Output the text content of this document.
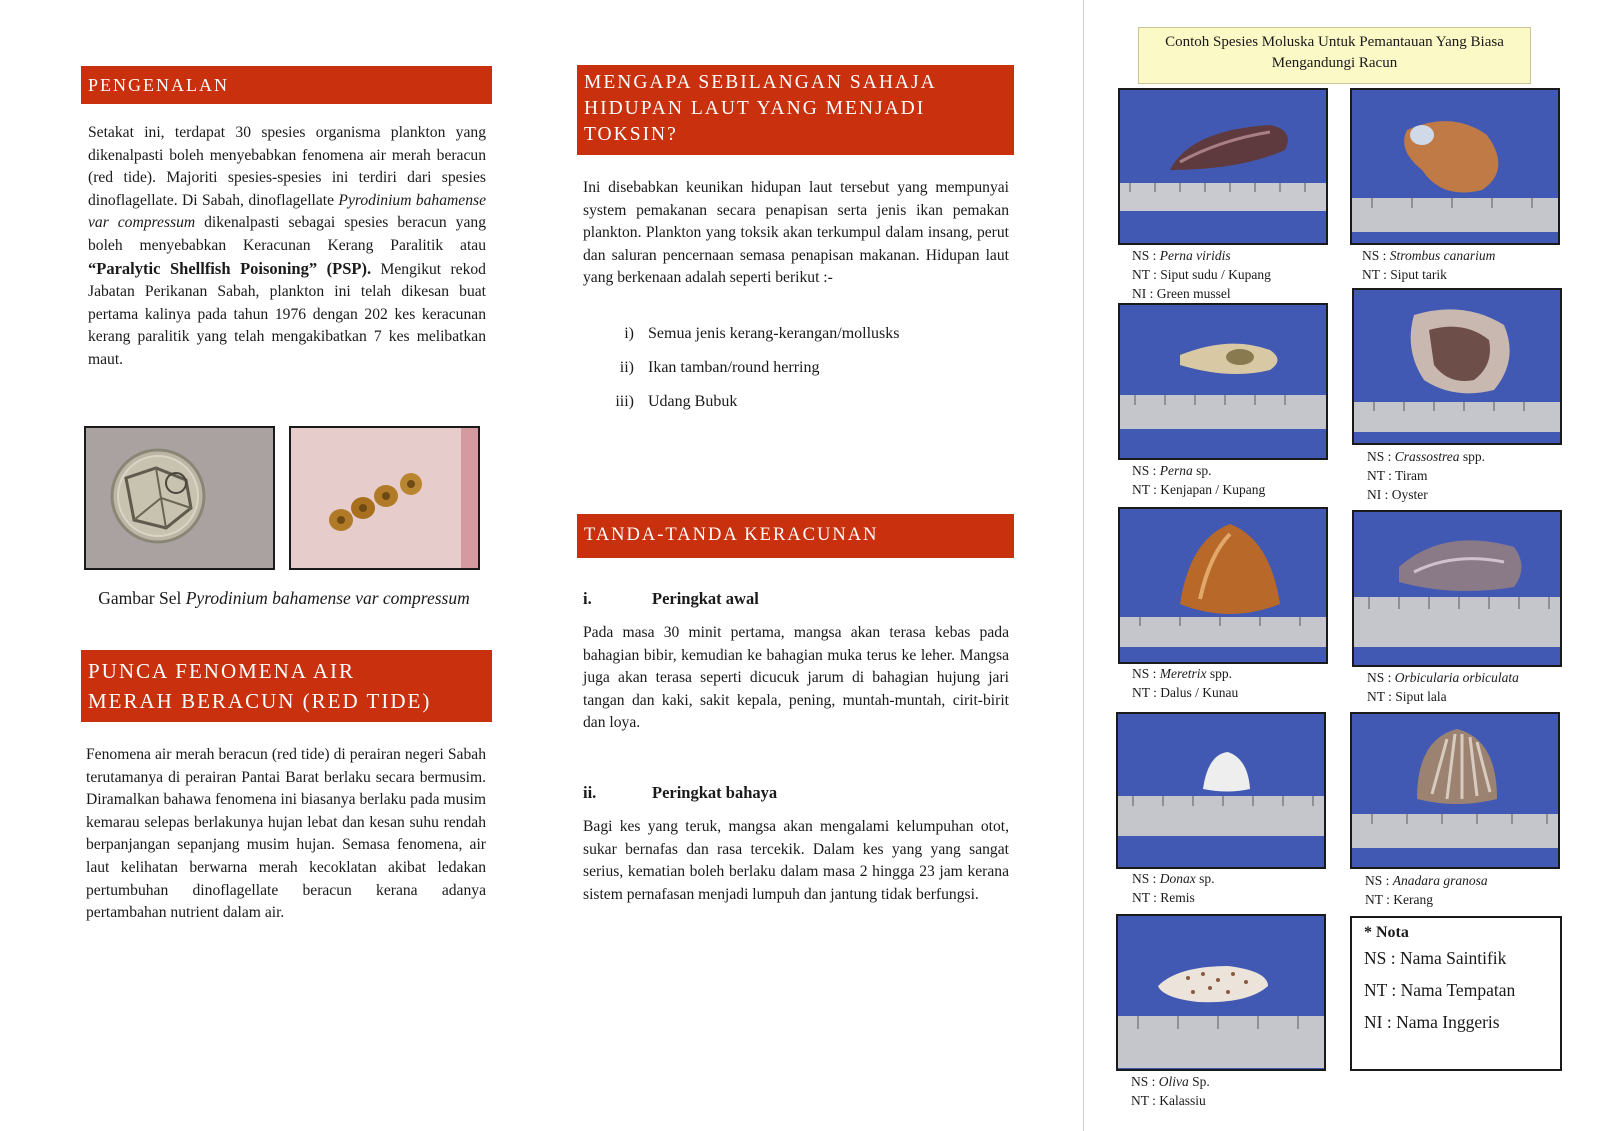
PENGENALAN
Setakat ini, terdapat 30 spesies organisma plankton yang dikenalpasti boleh menyebabkan fenomena air merah beracun (red tide). Majoriti spesies-spesies ini terdiri dari spesies dinoflagellate. Di Sabah, dinoflagellate Pyrodinium bahamense var compressum dikenalpasti sebagai spesies beracun yang boleh menyebabkan Keracunan Kerang Paralitik atau “Paralytic Shellfish Poisoning” (PSP). Mengikut rekod Jabatan Perikanan Sabah, plankton ini telah dikesan buat pertama kalinya pada tahun 1976 dengan 202 kes keracunan kerang paralitik yang telah mengakibatkan 7 kes melibatkan maut.
Gambar Sel Pyrodinium bahamense var compressum
PUNCA FENOMENA AIR
MERAH BERACUN (RED TIDE)
Fenomena air merah beracun (red tide) di perairan negeri Sabah terutamanya di perairan Pantai Barat berlaku secara bermusim. Diramalkan bahawa fenomena ini biasanya berlaku pada musim kemarau selepas berlakunya hujan lebat dan kesan suhu rendah berpanjangan sepanjang musim hujan. Semasa fenomena, air laut kelihatan berwarna merah kecoklatan akibat ledakan pertumbuhan dinoflagellate beracun kerana adanya pertambahan nutrient dalam air.
MENGAPA SEBILANGAN SAHAJA
HIDUPAN LAUT YANG MENJADI
TOKSIN?
Ini disebabkan keunikan hidupan laut tersebut yang mempunyai system pemakanan secara penapisan serta jenis ikan pemakan plankton. Plankton yang toksik akan terkumpul dalam insang, perut dan saluran pencernaan semasa penapisan makanan. Hidupan laut yang berkenaan adalah seperti berikut :-
i) Semua jenis kerang-kerangan/mollusks
ii) Ikan tamban/round herring
iii) Udang Bubuk
TANDA-TANDA KERACUNAN
i.	Peringkat awal
Pada masa 30 minit pertama, mangsa akan terasa kebas pada bahagian bibir, kemudian ke bahagian muka terus ke leher. Mangsa juga akan terasa seperti dicucuk jarum di bahagian hujung jari tangan dan kaki, sakit kepala, pening, muntah-muntah, cirit-birit dan loya.
ii.	Peringkat bahaya
Bagi kes yang teruk, mangsa akan mengalami kelumpuhan otot, sukar bernafas dan rasa tercekik. Dalam kes yang yang sangat serius, kematian boleh berlaku dalam masa 2 hingga 23 jam kerana sistem pernafasan menjadi lumpuh dan jantung tidak berfungsi.
Contoh Spesies Moluska Untuk Pemantauan Yang Biasa
Mengandungi Racun
NS : Perna viridis
NT : Siput sudu / Kupang
NI : Green mussel
NS : Strombus canarium
NT : Siput tarik
NS : Perna sp.
NT : Kenjapan / Kupang
NS : Crassostrea spp.
NT : Tiram
NI : Oyster
NS : Meretrix spp.
NT : Dalus / Kunau
NS : Orbicularia orbiculata
NT : Siput lala
NS : Donax sp.
NT : Remis
NS : Anadara granosa
NT : Kerang
NS : Oliva Sp.
NT : Kalassiu
* Nota
NS : Nama Saintifik
NT : Nama Tempatan
NI : Nama Inggeris
